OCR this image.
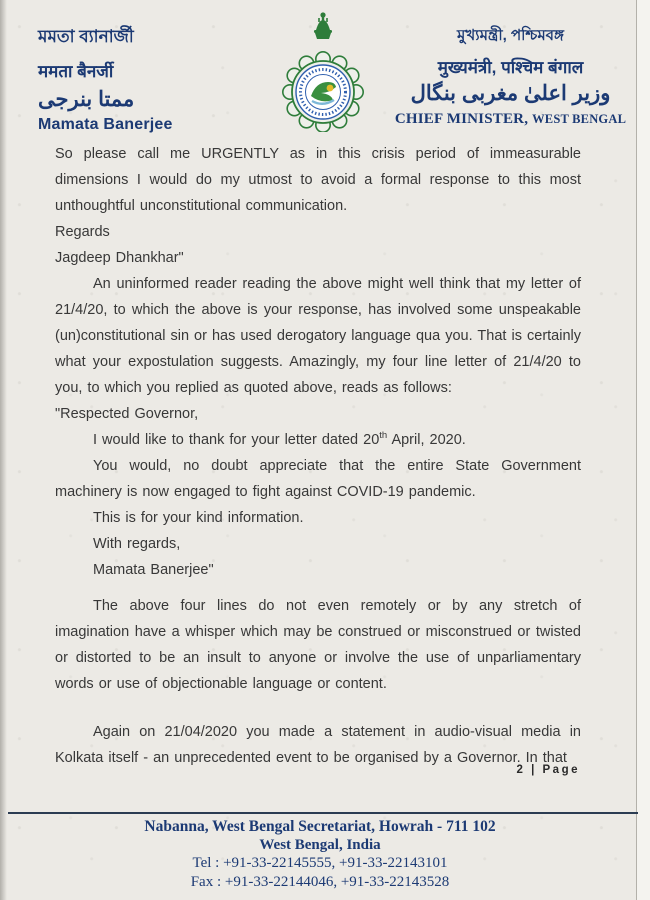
মমতা ব্যানার্জী
ममता बैनर्जी
ممتا بنرجی
Mamata Banerjee
মুখ্যমন্ত্রী, পশ্চিমবঙ্গ
मुख्यमंत्री, पश्चिम बंगाल
وزیر اعلیٰ مغربی بنگال
CHIEF MINISTER, WEST BENGAL
So please call me URGENTLY as in this crisis period of immeasurable dimensions I would do my utmost to avoid a formal response to this most unthoughtful unconstitutional communication.
Regards
Jagdeep Dhankhar"
An uninformed reader reading the above might well think that my letter of 21/4/20, to which the above is your response, has involved some unspeakable (un)constitutional sin or has used derogatory language qua you. That is certainly what your expostulation suggests. Amazingly, my four line letter of 21/4/20 to you, to which you replied as quoted above, reads as follows:
"Respected Governor,
I would like to thank for your letter dated 20th April, 2020.
You would, no doubt appreciate that the entire State Government machinery is now engaged to fight against COVID-19 pandemic.
This is for your kind information.
With regards,
Mamata Banerjee"
The above four lines do not even remotely or by any stretch of imagination have a whisper which may be construed or misconstrued or twisted or distorted to be an insult to anyone or involve the use of unparliamentary words or use of objectionable language or content.
Again on 21/04/2020 you made a statement in audio-visual media in Kolkata itself - an unprecedented event to be organised by a Governor. In that
2 | Page
Nabanna, West Bengal Secretariat, Howrah - 711 102
West Bengal, India
Tel : +91-33-22145555, +91-33-22143101
Fax : +91-33-22144046, +91-33-22143528
